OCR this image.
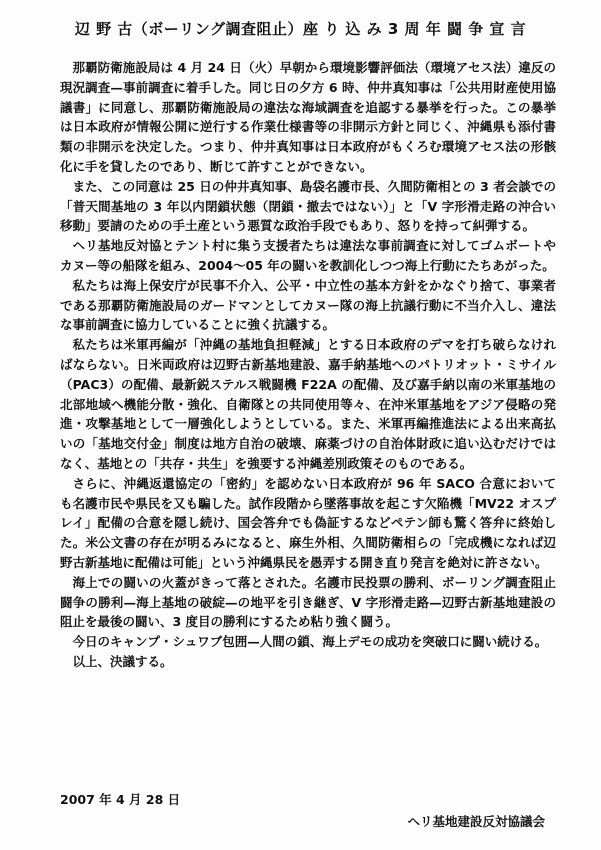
辺 野 古（ボーリング調査阻止）座 り 込 み 3 周 年 闘 争 宣 言

那覇防衛施設局は 4 月 24 日（火）早朝から環境影響評価法（環境アセス法）違反の現況調査—事前調査に着手した。同じ日の夕方 6 時、仲井真知事は「公共用財産使用協議書」に同意し、那覇防衛施設局の違法な海域調査を追認する暴挙を行った。この暴挙は日本政府が情報公開に逆行する作業仕様書等の非開示方針と同じく、沖縄県も添付書類の非開示を決定した。つまり、仲井真知事は日本政府がもくろむ環境アセス法の形骸化に手を貸したのであり、断じて許すことができない。

また、この同意は 25 日の仲井真知事、島袋名護市長、久間防衛相との 3 者会談での「普天間基地の 3 年以内閉鎖状態（閉鎖・撤去ではない）」と「V 字形滑走路の沖合い移動」要請のための手土産という悪質な政治手段でもあり、怒りを持って糾弾する。

ヘリ基地反対協とテント村に集う支援者たちは違法な事前調査に対してゴムボートやカヌー等の船隊を組み、2004～05 年の闘いを教訓化しつつ海上行動にたちあがった。

私たちは海上保安庁が民事不介入、公平・中立性の基本方針をかなぐり捨て、事業者である那覇防衛施設局のガードマンとしてカヌー隊の海上抗議行動に不当介入し、違法な事前調査に協力していることに強く抗議する。

私たちは米軍再編が「沖縄の基地負担軽減」とする日本政府のデマを打ち破らなければならない。日米両政府は辺野古新基地建設、嘉手納基地へのパトリオット・ミサイル（PAC3）の配備、最新鋭ステルス戦闘機 F22A の配備、及び嘉手納以南の米軍基地の北部地域へ機能分散・強化、自衛隊との共同使用等々、在沖米軍基地をアジア侵略の発進・攻撃基地として一層強化しようとしている。また、米軍再編推進法による出来高払いの「基地交付金」制度は地方自治の破壊、麻薬づけの自治体財政に追い込むだけではなく、基地との「共存・共生」を強要する沖縄差別政策そのものである。

さらに、沖縄返還協定の「密約」を認めない日本政府が 96 年 SACO 合意においても名護市民や県民を又も騙した。試作段階から墜落事故を起こす欠陥機「MV22 オスプレイ」配備の合意を隠し続け、国会答弁でも偽証するなどペテン師も驚く答弁に終始した。米公文書の存在が明るみになると、麻生外相、久間防衛相らの「完成機になれば辺野古新基地に配備は可能」という沖縄県民を愚弄する開き直り発言を絶対に許さない。

海上での闘いの火蓋がきって落とされた。名護市民投票の勝利、ボーリング調査阻止闘争の勝利—海上基地の破綻—の地平を引き継ぎ、V 字形滑走路—辺野古新基地建設の阻止を最後の闘い、3 度目の勝利にするため粘り強く闘う。

今日のキャンプ・シュワブ包囲—人間の鎖、海上デモの成功を突破口に闘い続ける。

以上、決議する。

2007 年 4 月 28 日
ヘリ基地建設反対協議会
